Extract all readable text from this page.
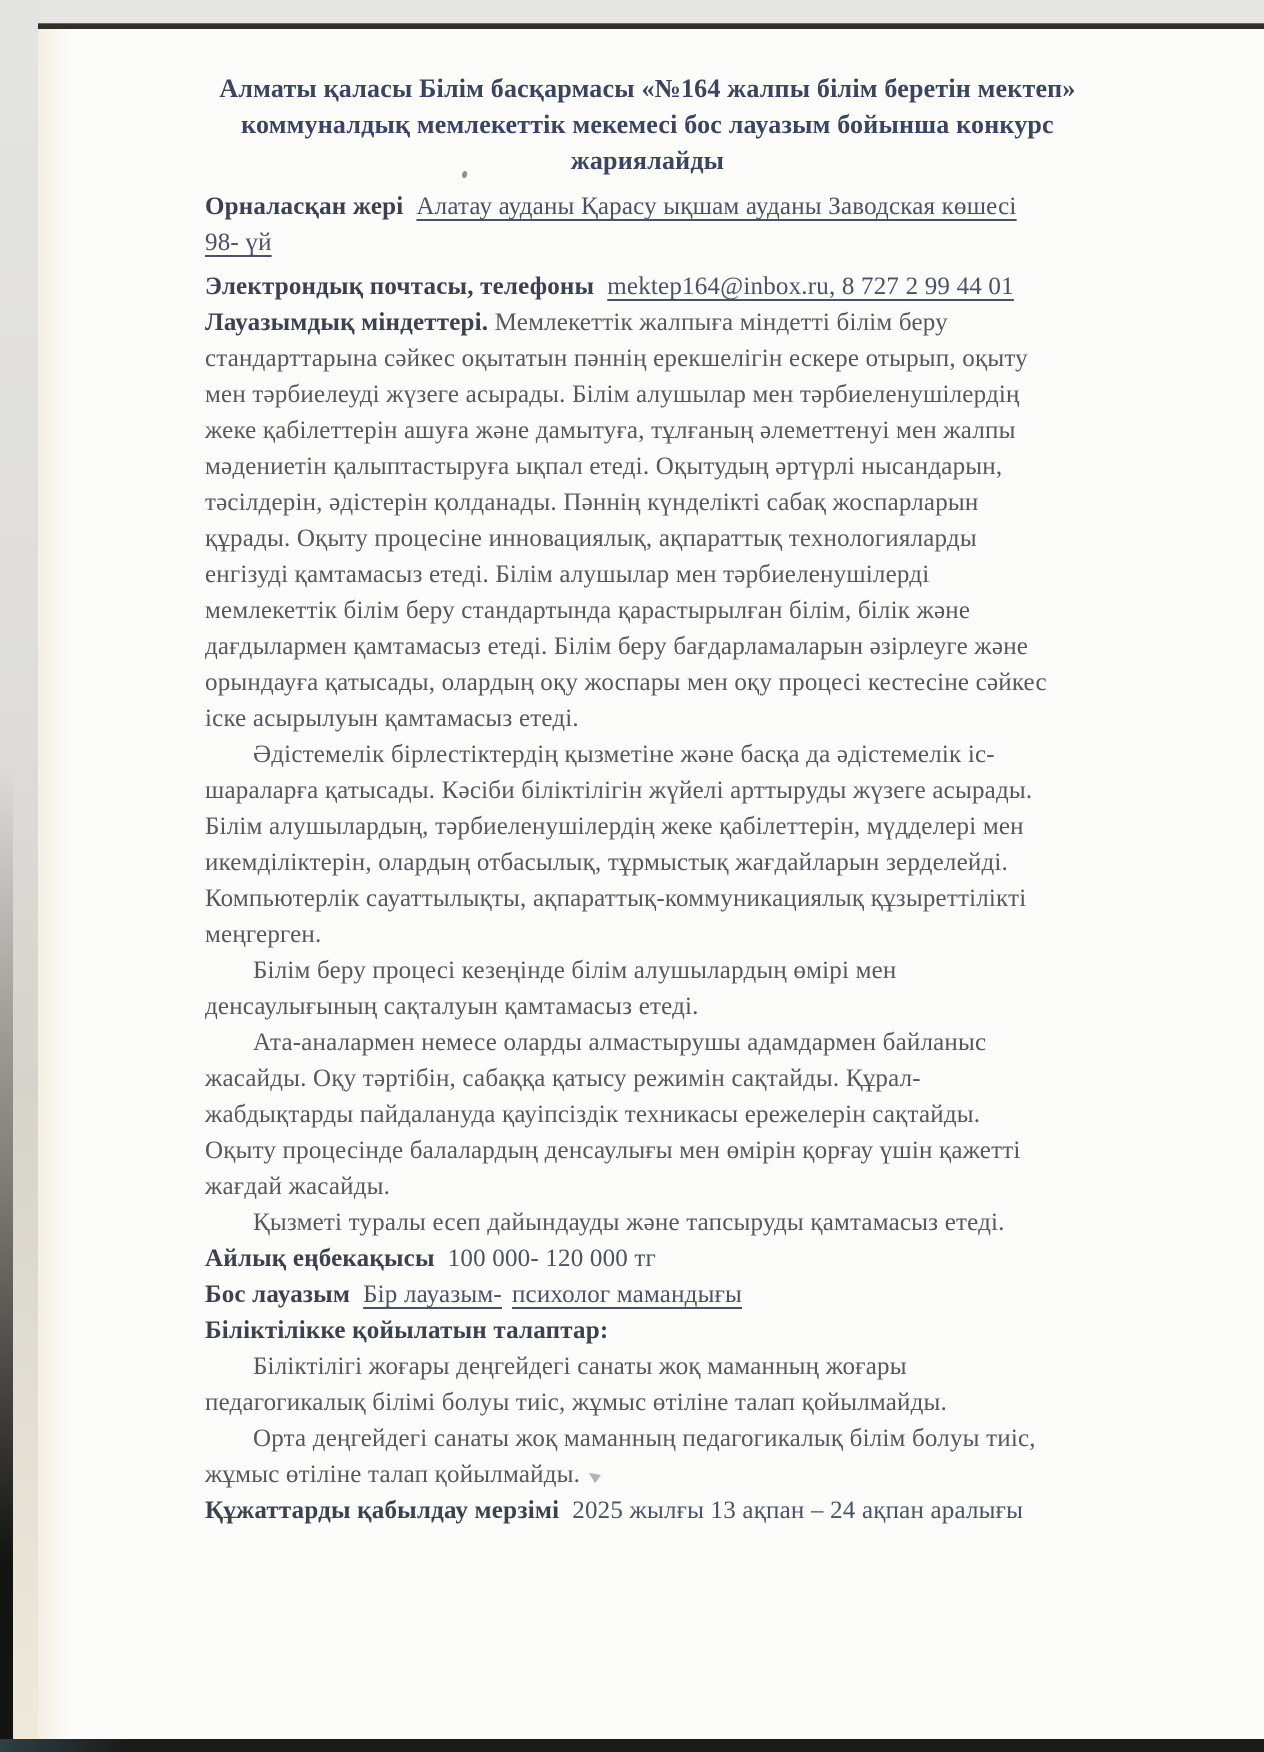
Алматы қаласы Білім басқармасы «№164 жалпы білім беретін мектеп»
коммуналдық мемлекеттік мекемесі бос лауазым бойынша конкурс
жариялайды

Орналасқан жері Алатау ауданы Қарасу ықшам ауданы Заводская көшесі
98- үй

Электрондық почтасы, телефоны mektep164@inbox.ru, 8 727 2 99 44 01

Лауазымдық міндеттері. Мемлекеттік жалпыға міндетті білім беру
стандарттарына сәйкес оқытатын пәннің ерекшелігін ескере отырып, оқыту
мен тәрбиелеуді жүзеге асырады. Білім алушылар мен тәрбиеленушілердің
жеке қабілеттерін ашуға және дамытуға, тұлғаның әлеметтенуі мен жалпы
мәдениетін қалыптастыруға ықпал етеді. Оқытудың әртүрлі нысандарын,
тәсілдерін, әдістерін қолданады. Пәннің күнделікті сабақ жоспарларын
құрады. Оқыту процесіне инновациялық, ақпараттық технологияларды
енгізуді қамтамасыз етеді. Білім алушылар мен тәрбиеленушілерді
мемлекеттік білім беру стандартында қарастырылған білім, білік және
дағдылармен қамтамасыз етеді. Білім беру бағдарламаларын әзірлеуге және
орындауға қатысады, олардың оқу жоспары мен оқу процесі кестесіне сәйкес
іске асырылуын қамтамасыз етеді.

Әдістемелік бірлестіктердің қызметіне және басқа да әдістемелік іс-
шараларға қатысады. Кәсіби біліктілігін жүйелі арттыруды жүзеге асырады.
Білім алушылардың, тәрбиеленушілердің жеке қабілеттерін, мүдделері мен
икемділіктерін, олардың отбасылық, тұрмыстық жағдайларын зерделейді.
Компьютерлік сауаттылықты, ақпараттық-коммуникациялық құзыреттілікті
меңгерген.

Білім беру процесі кезеңінде білім алушылардың өмірі мен
денсаулығының сақталуын қамтамасыз етеді.

Ата-аналармен немесе оларды алмастырушы адамдармен байланыс
жасайды. Оқу тәртібін, сабаққа қатысу режимін сақтайды. Құрал-
жабдықтарды пайдалануда қауіпсіздік техникасы ережелерін сақтайды.
Оқыту процесінде балалардың денсаулығы мен өмірін қорғау үшін қажетті
жағдай жасайды.

Қызметі туралы есеп дайындауды және тапсыруды қамтамасыз етеді.

Айлық еңбекақысы 100 000- 120 000 тг

Бос лауазым Бір лауазым- психолог мамандығы

Біліктілікке қойылатын талаптар:

Біліктілігі жоғары деңгейдегі санаты жоқ маманның жоғары
педагогикалық білімі болуы тиіс, жұмыс өтіліне талап қойылмайды.

Орта деңгейдегі санаты жоқ маманның педагогикалық білім болуы тиіс,
жұмыс өтіліне талап қойылмайды.

Құжаттарды қабылдау мерзімі 2025 жылғы 13 ақпан – 24 ақпан аралығы
